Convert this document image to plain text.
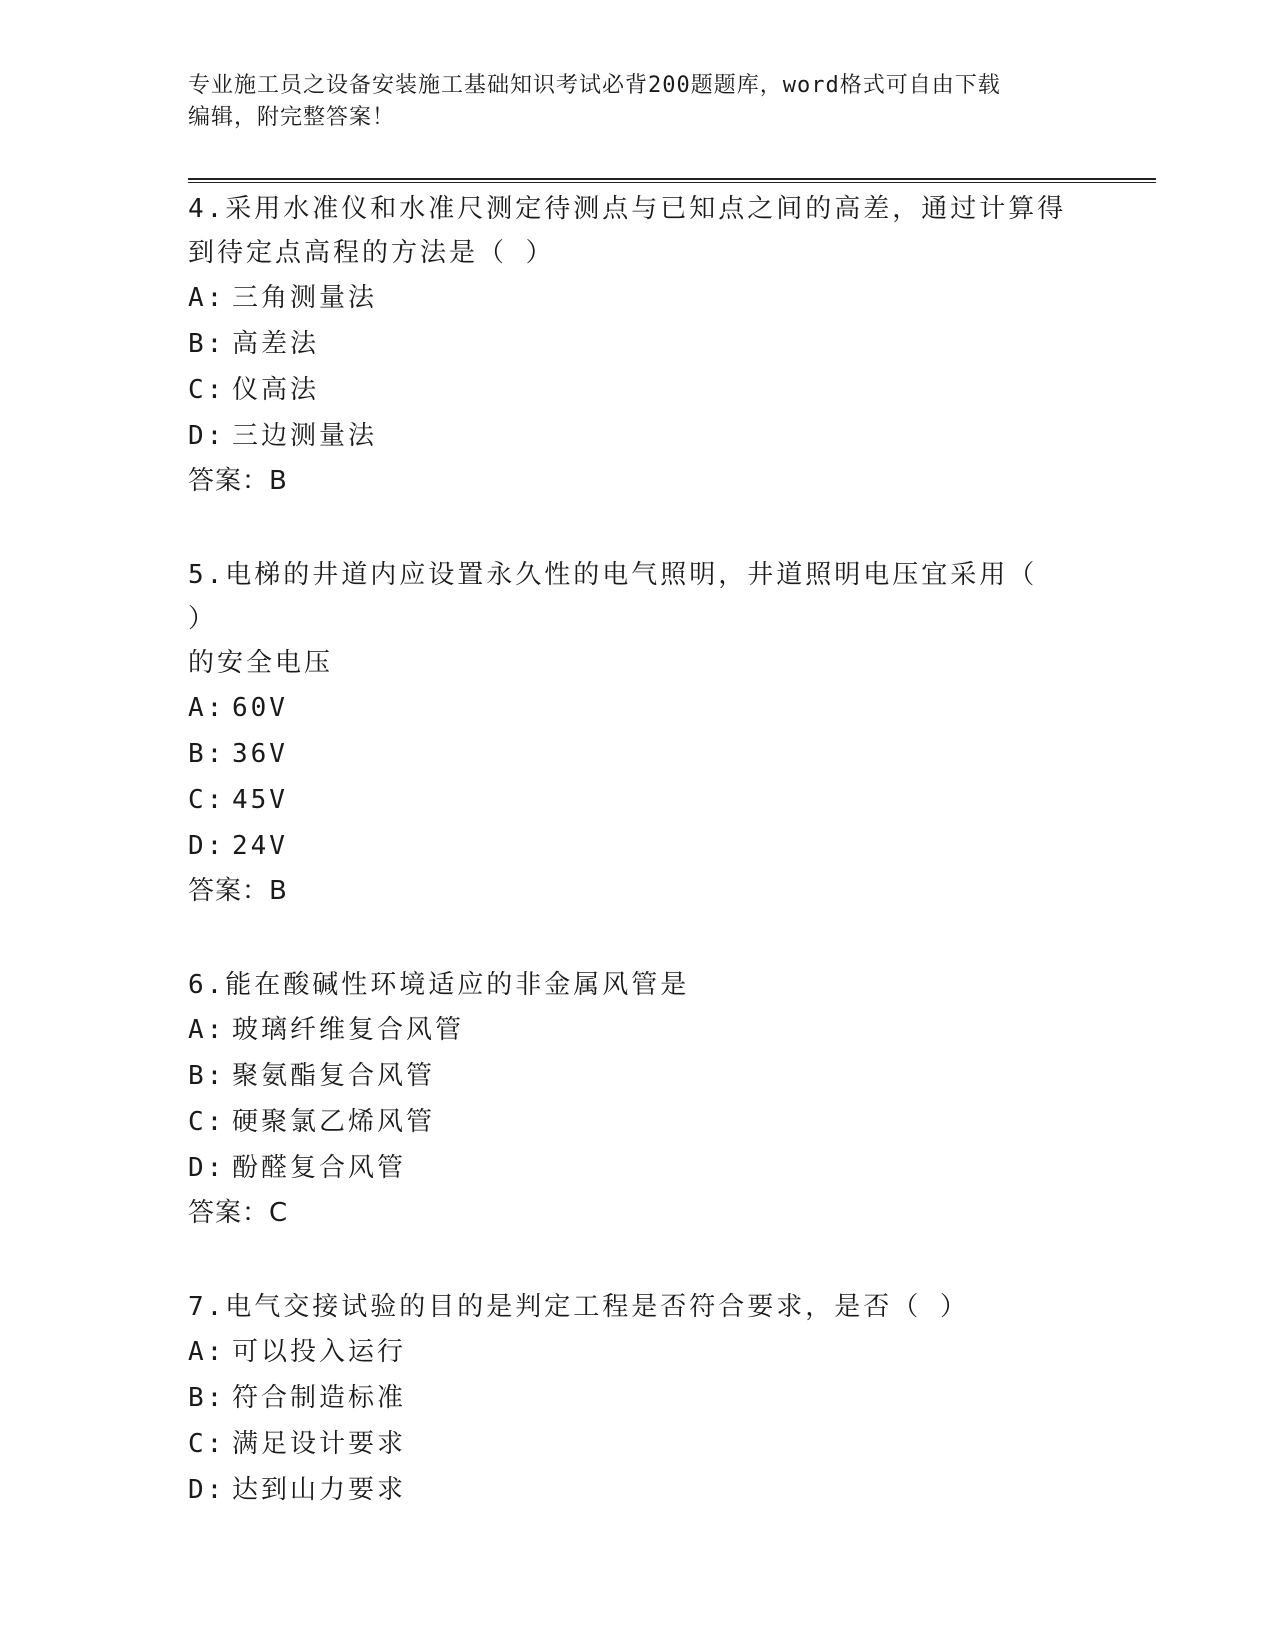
专业施工员之设备安装施工基础知识考试必背200题题库，word格式可自由下载

编辑，附完整答案！

4.采用水准仪和水准尺测定待测点与已知点之间的高差，通过计算得

到待定点高程的方法是（ ）

A: 三角测量法

B: 高差法

C: 仪高法

D: 三边测量法

答案：B

5.电梯的井道内应设置永久性的电气照明，井道照明电压宜采用（ ）

的安全电压

A: 60V

B: 36V

C: 45V

D: 24V

答案：B

6.能在酸碱性环境适应的非金属风管是

A: 玻璃纤维复合风管

B: 聚氨酯复合风管

C: 硬聚氯乙烯风管

D: 酚醛复合风管

答案：C

7.电气交接试验的目的是判定工程是否符合要求，是否（ ）

A: 可以投入运行

B: 符合制造标准

C: 满足设计要求

D: 达到山力要求
